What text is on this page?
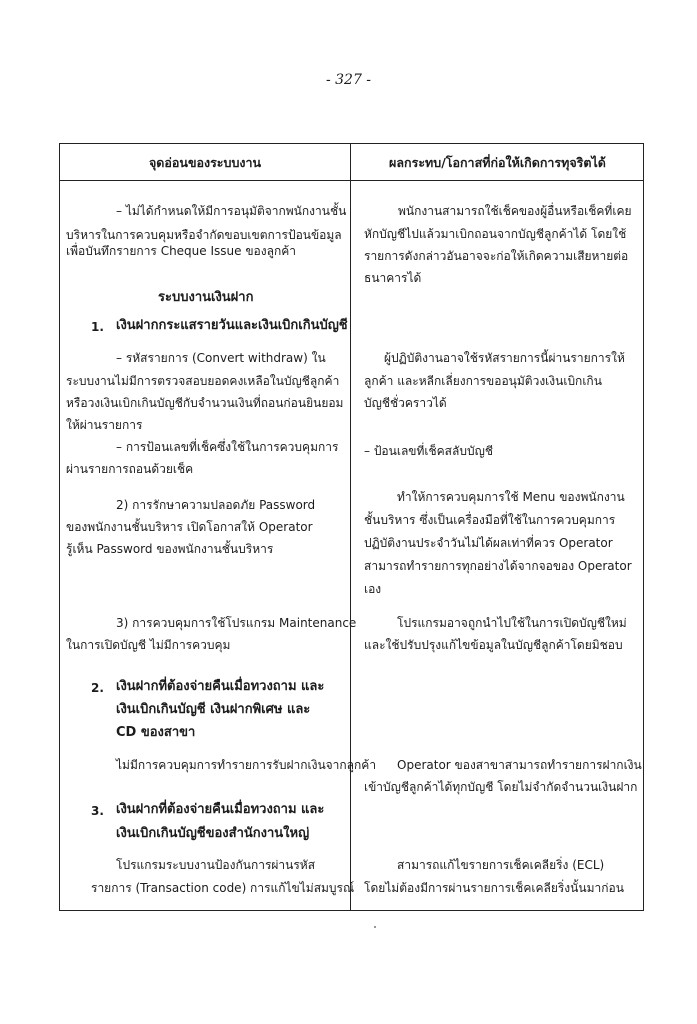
- 327 -
จุดอ่อนของระบบงาน	ผลกระทบ/โอกาสที่ก่อให้เกิดการทุจริตได้
– ไม่ได้กำหนดให้มีการอนุมัติจากพนักงานชั้น
บริหารในการควบคุมหรือจำกัดขอบเขตการป้อนข้อมูล
เพื่อบันทึกรายการ Cheque Issue ของลูกค้า
ระบบงานเงินฝาก
1. เงินฝากกระแสรายวันและเงินเบิกเกินบัญชี
– รหัสรายการ (Convert withdraw) ใน
ระบบงานไม่มีการตรวจสอบยอดคงเหลือในบัญชีลูกค้า
หรือวงเงินเบิกเกินบัญชีกับจำนวนเงินที่ถอนก่อนยินยอม
ให้ผ่านรายการ
– การป้อนเลขที่เช็คซึ่งใช้ในการควบคุมการ
ผ่านรายการถอนด้วยเช็ค
2) การรักษาความปลอดภัย Password
ของพนักงานชั้นบริหาร เปิดโอกาสให้ Operator
รู้เห็น Password ของพนักงานชั้นบริหาร
3) การควบคุมการใช้โปรแกรม Maintenance
ในการเปิดบัญชี ไม่มีการควบคุม
2. เงินฝากที่ต้องจ่ายคืนเมื่อทวงถาม และ
เงินเบิกเกินบัญชี เงินฝากพิเศษ และ
CD ของสาขา
ไม่มีการควบคุมการทำรายการรับฝากเงินจากลูกค้า
3. เงินฝากที่ต้องจ่ายคืนเมื่อทวงถาม และ
เงินเบิกเกินบัญชีของสำนักงานใหญ่
โปรแกรมระบบงานป้องกันการผ่านรหัส
รายการ (Transaction code) การแก้ไขไม่สมบูรณ์
พนักงานสามารถใช้เช็คของผู้อื่นหรือเช็คที่เคย
หักบัญชีไปแล้วมาเบิกถอนจากบัญชีลูกค้าได้ โดยใช้
รายการดังกล่าวอันอาจจะก่อให้เกิดความเสียหายต่อ
ธนาคารได้
ผู้ปฏิบัติงานอาจใช้รหัสรายการนี้ผ่านรายการให้
ลูกค้า และหลีกเลี่ยงการขออนุมัติวงเงินเบิกเกิน
บัญชีชั่วคราวได้
– ป้อนเลขที่เช็คสลับบัญชี
ทำให้การควบคุมการใช้ Menu ของพนักงาน
ชั้นบริหาร ซึ่งเป็นเครื่องมือที่ใช้ในการควบคุมการ
ปฏิบัติงานประจำวันไม่ได้ผลเท่าที่ควร Operator
สามารถทำรายการทุกอย่างได้จากจอของ Operator
เอง
โปรแกรมอาจถูกนำไปใช้ในการเปิดบัญชีใหม่
และใช้ปรับปรุงแก้ไขข้อมูลในบัญชีลูกค้าโดยมิชอบ
Operator ของสาขาสามารถทำรายการฝากเงิน
เข้าบัญชีลูกค้าได้ทุกบัญชี โดยไม่จำกัดจำนวนเงินฝาก
สามารถแก้ไขรายการเช็คเคลียริ่ง (ECL)
โดยไม่ต้องมีการผ่านรายการเช็คเคลียริ่งนั้นมาก่อน
